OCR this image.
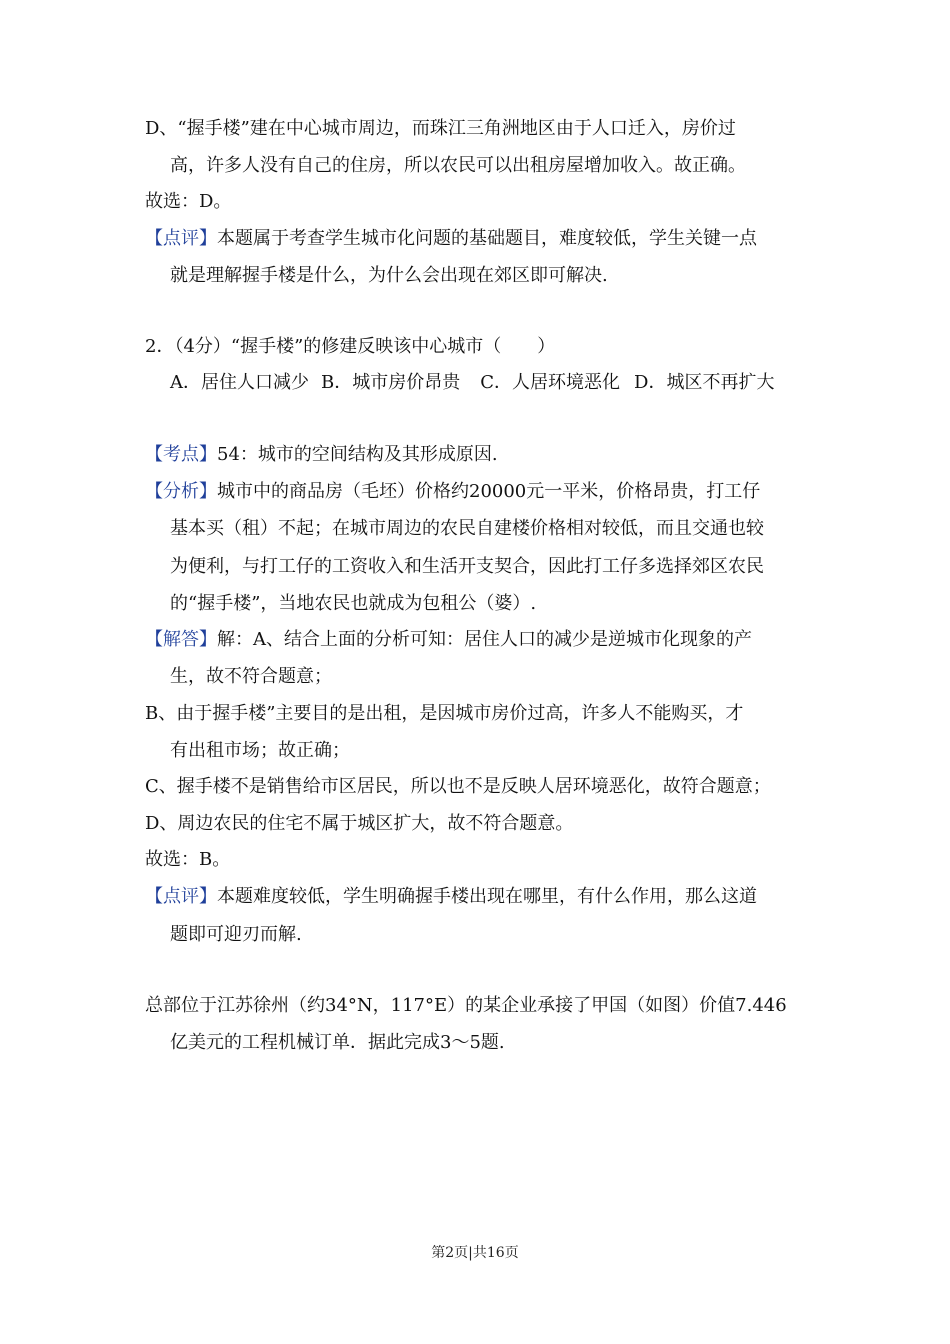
D、“握手楼”建在中心城市周边，而珠江三角洲地区由于人口迁入，房价过
高，许多人没有自己的住房，所以农民可以出租房屋增加收入。故正确。
故选：D。
【点评】本题属于考查学生城市化问题的基础题目，难度较低，学生关键一点
就是理解握手楼是什么，为什么会出现在郊区即可解决.
2．（4分）“握手楼”的修建反映该中心城市（　　）
A．居住人口减少 B．城市房价昂贵 C．人居环境恶化 D．城区不再扩大
【考点】54：城市的空间结构及其形成原因.
【分析】城市中的商品房（毛坯）价格约20000元一平米，价格昂贵，打工仔
基本买（租）不起；在城市周边的农民自建楼价格相对较低，而且交通也较
为便利，与打工仔的工资收入和生活开支契合，因此打工仔多选择郊区农民
的“握手楼”，当地农民也就成为包租公（婆）.
【解答】解：A、结合上面的分析可知：居住人口的减少是逆城市化现象的产
生，故不符合题意；
B、由于握手楼”主要目的是出租，是因城市房价过高，许多人不能购买，才
有出租市场；故正确；
C、握手楼不是销售给市区居民，所以也不是反映人居环境恶化，故符合题意；
D、周边农民的住宅不属于城区扩大，故不符合题意。
故选：B。
【点评】本题难度较低，学生明确握手楼出现在哪里，有什么作用，那么这道
题即可迎刃而解.
总部位于江苏徐州（约34°N，117°E）的某企业承接了甲国（如图）价值7.446
亿美元的工程机械订单．据此完成3～5题.
第2页|共16页
